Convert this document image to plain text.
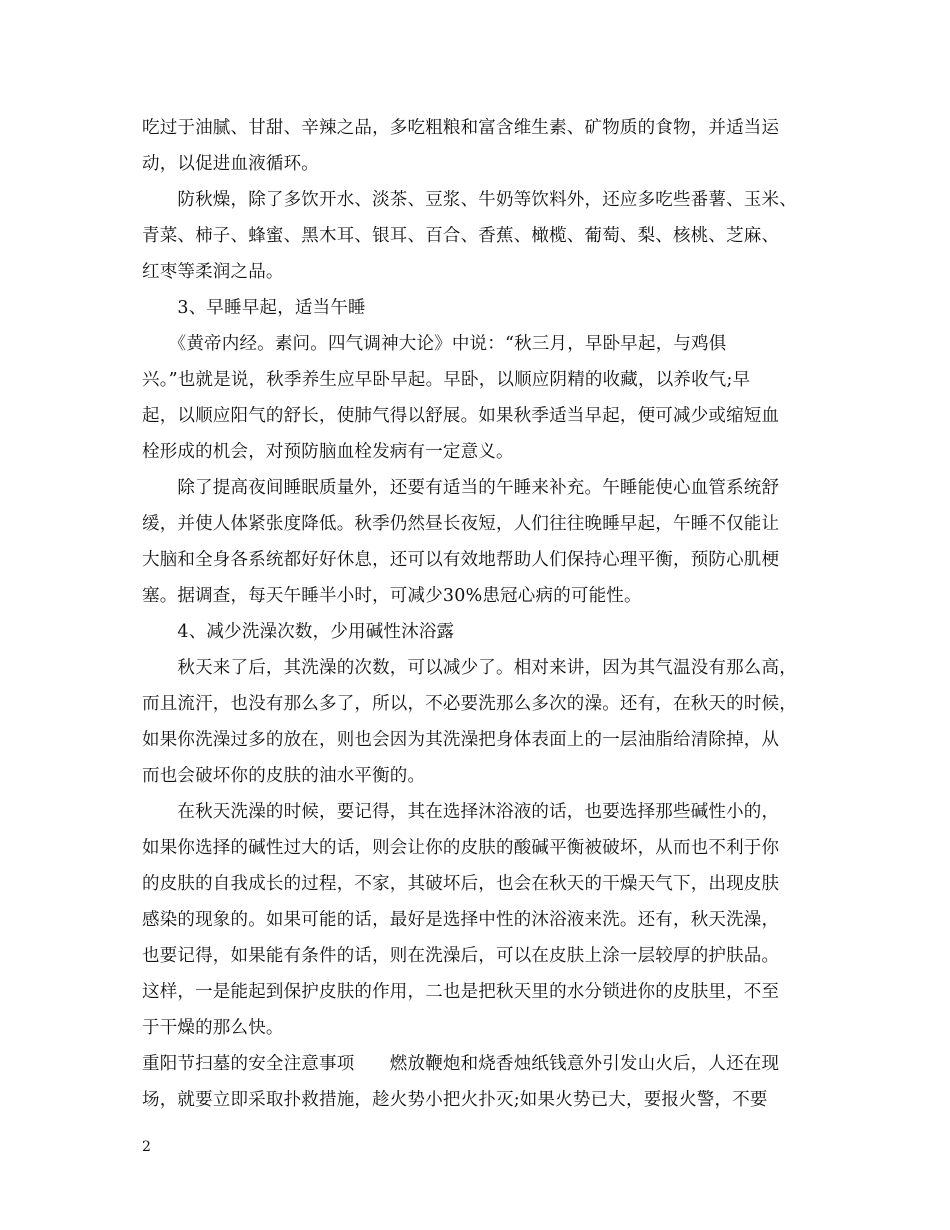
吃过于油腻、甘甜、辛辣之品，多吃粗粮和富含维生素、矿物质的食物，并适当运
动，以促进血液循环。
　　防秋燥，除了多饮开水、淡茶、豆浆、牛奶等饮料外，还应多吃些番薯、玉米、
青菜、柿子、蜂蜜、黑木耳、银耳、百合、香蕉、橄榄、葡萄、梨、核桃、芝麻、
红枣等柔润之品。
　　3、早睡早起，适当午睡
　　《黄帝内经。素问。四气调神大论》中说：“秋三月，早卧早起，与鸡俱
兴。”也就是说，秋季养生应早卧早起。早卧，以顺应阴精的收藏，以养收气;早
起，以顺应阳气的舒长，使肺气得以舒展。如果秋季适当早起，便可减少或缩短血
栓形成的机会，对预防脑血栓发病有一定意义。
　　除了提高夜间睡眠质量外，还要有适当的午睡来补充。午睡能使心血管系统舒
缓，并使人体紧张度降低。秋季仍然昼长夜短，人们往往晚睡早起，午睡不仅能让
大脑和全身各系统都好好休息，还可以有效地帮助人们保持心理平衡，预防心肌梗
塞。据调查，每天午睡半小时，可减少30%患冠心病的可能性。
　　4、减少洗澡次数，少用碱性沐浴露
　　秋天来了后，其洗澡的次数，可以减少了。相对来讲，因为其气温没有那么高，
而且流汗，也没有那么多了，所以，不必要洗那么多次的澡。还有，在秋天的时候，
如果你洗澡过多的放在，则也会因为其洗澡把身体表面上的一层油脂给清除掉，从
而也会破坏你的皮肤的油水平衡的。
　　在秋天洗澡的时候，要记得，其在选择沐浴液的话，也要选择那些碱性小的，
如果你选择的碱性过大的话，则会让你的皮肤的酸碱平衡被破坏，从而也不利于你
的皮肤的自我成长的过程，不家，其破坏后，也会在秋天的干燥天气下，出现皮肤
感染的现象的。如果可能的话，最好是选择中性的沐浴液来洗。还有，秋天洗澡，
也要记得，如果能有条件的话，则在洗澡后，可以在皮肤上涂一层较厚的护肤品。
这样，一是能起到保护皮肤的作用，二也是把秋天里的水分锁进你的皮肤里，不至
于干燥的那么快。
重阳节扫墓的安全注意事项　　燃放鞭炮和烧香烛纸钱意外引发山火后，人还在现
场，就要立即采取扑救措施，趁火势小把火扑灭;如果火势已大，要报火警，不要
2
